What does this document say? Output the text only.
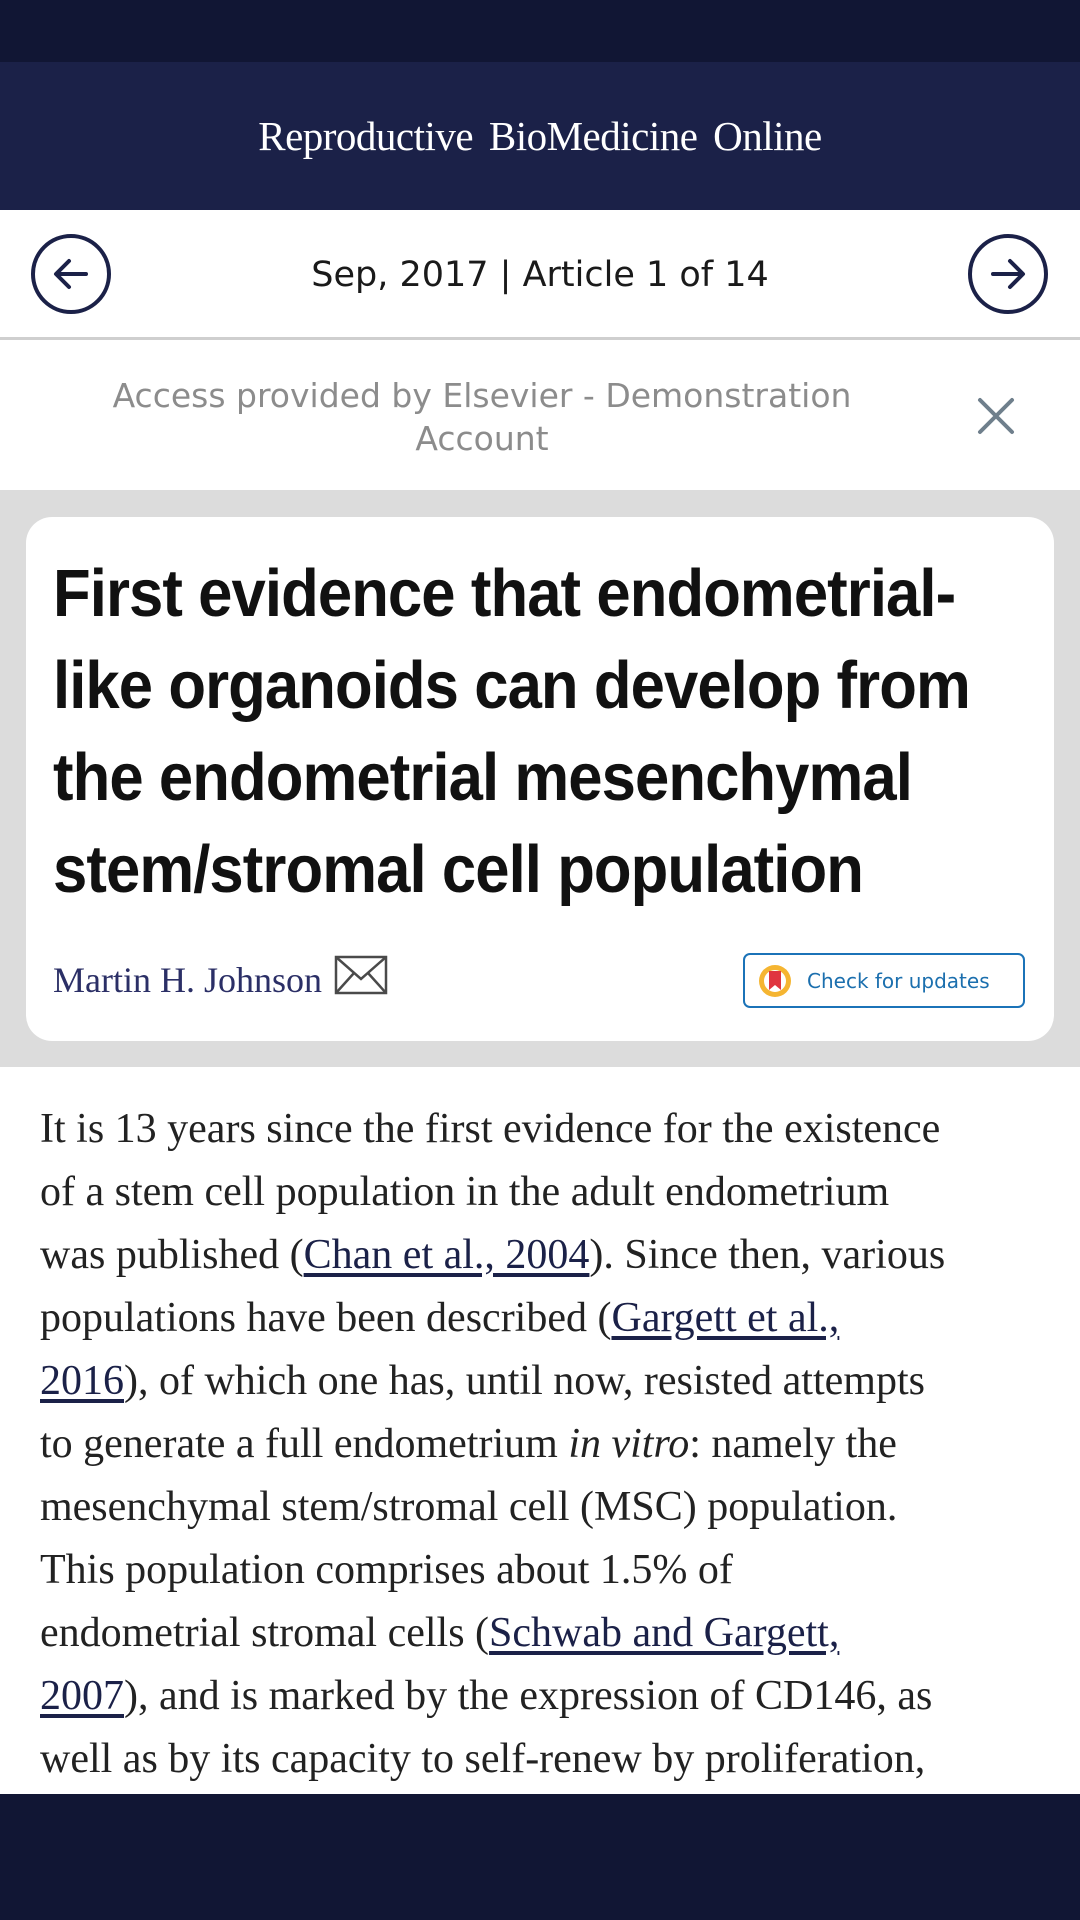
Reproductive BioMedicine Online
Sep, 2017 | Article 1 of 14
Access provided by Elsevier - Demonstration Account
First evidence that endometrial-
like organoids can develop from
the endometrial mesenchymal
stem/stromal cell population
Martin H. Johnson	Check for updates
It is 13 years since the first evidence for the existence
of a stem cell population in the adult endometrium
was published (Chan et al., 2004). Since then, various
populations have been described (Gargett et al.,
2016), of which one has, until now, resisted attempts
to generate a full endometrium in vitro: namely the
mesenchymal stem/stromal cell (MSC) population.
This population comprises about 1.5% of
endometrial stromal cells (Schwab and Gargett,
2007), and is marked by the expression of CD146, as
well as by its capacity to self-renew by proliferation,
